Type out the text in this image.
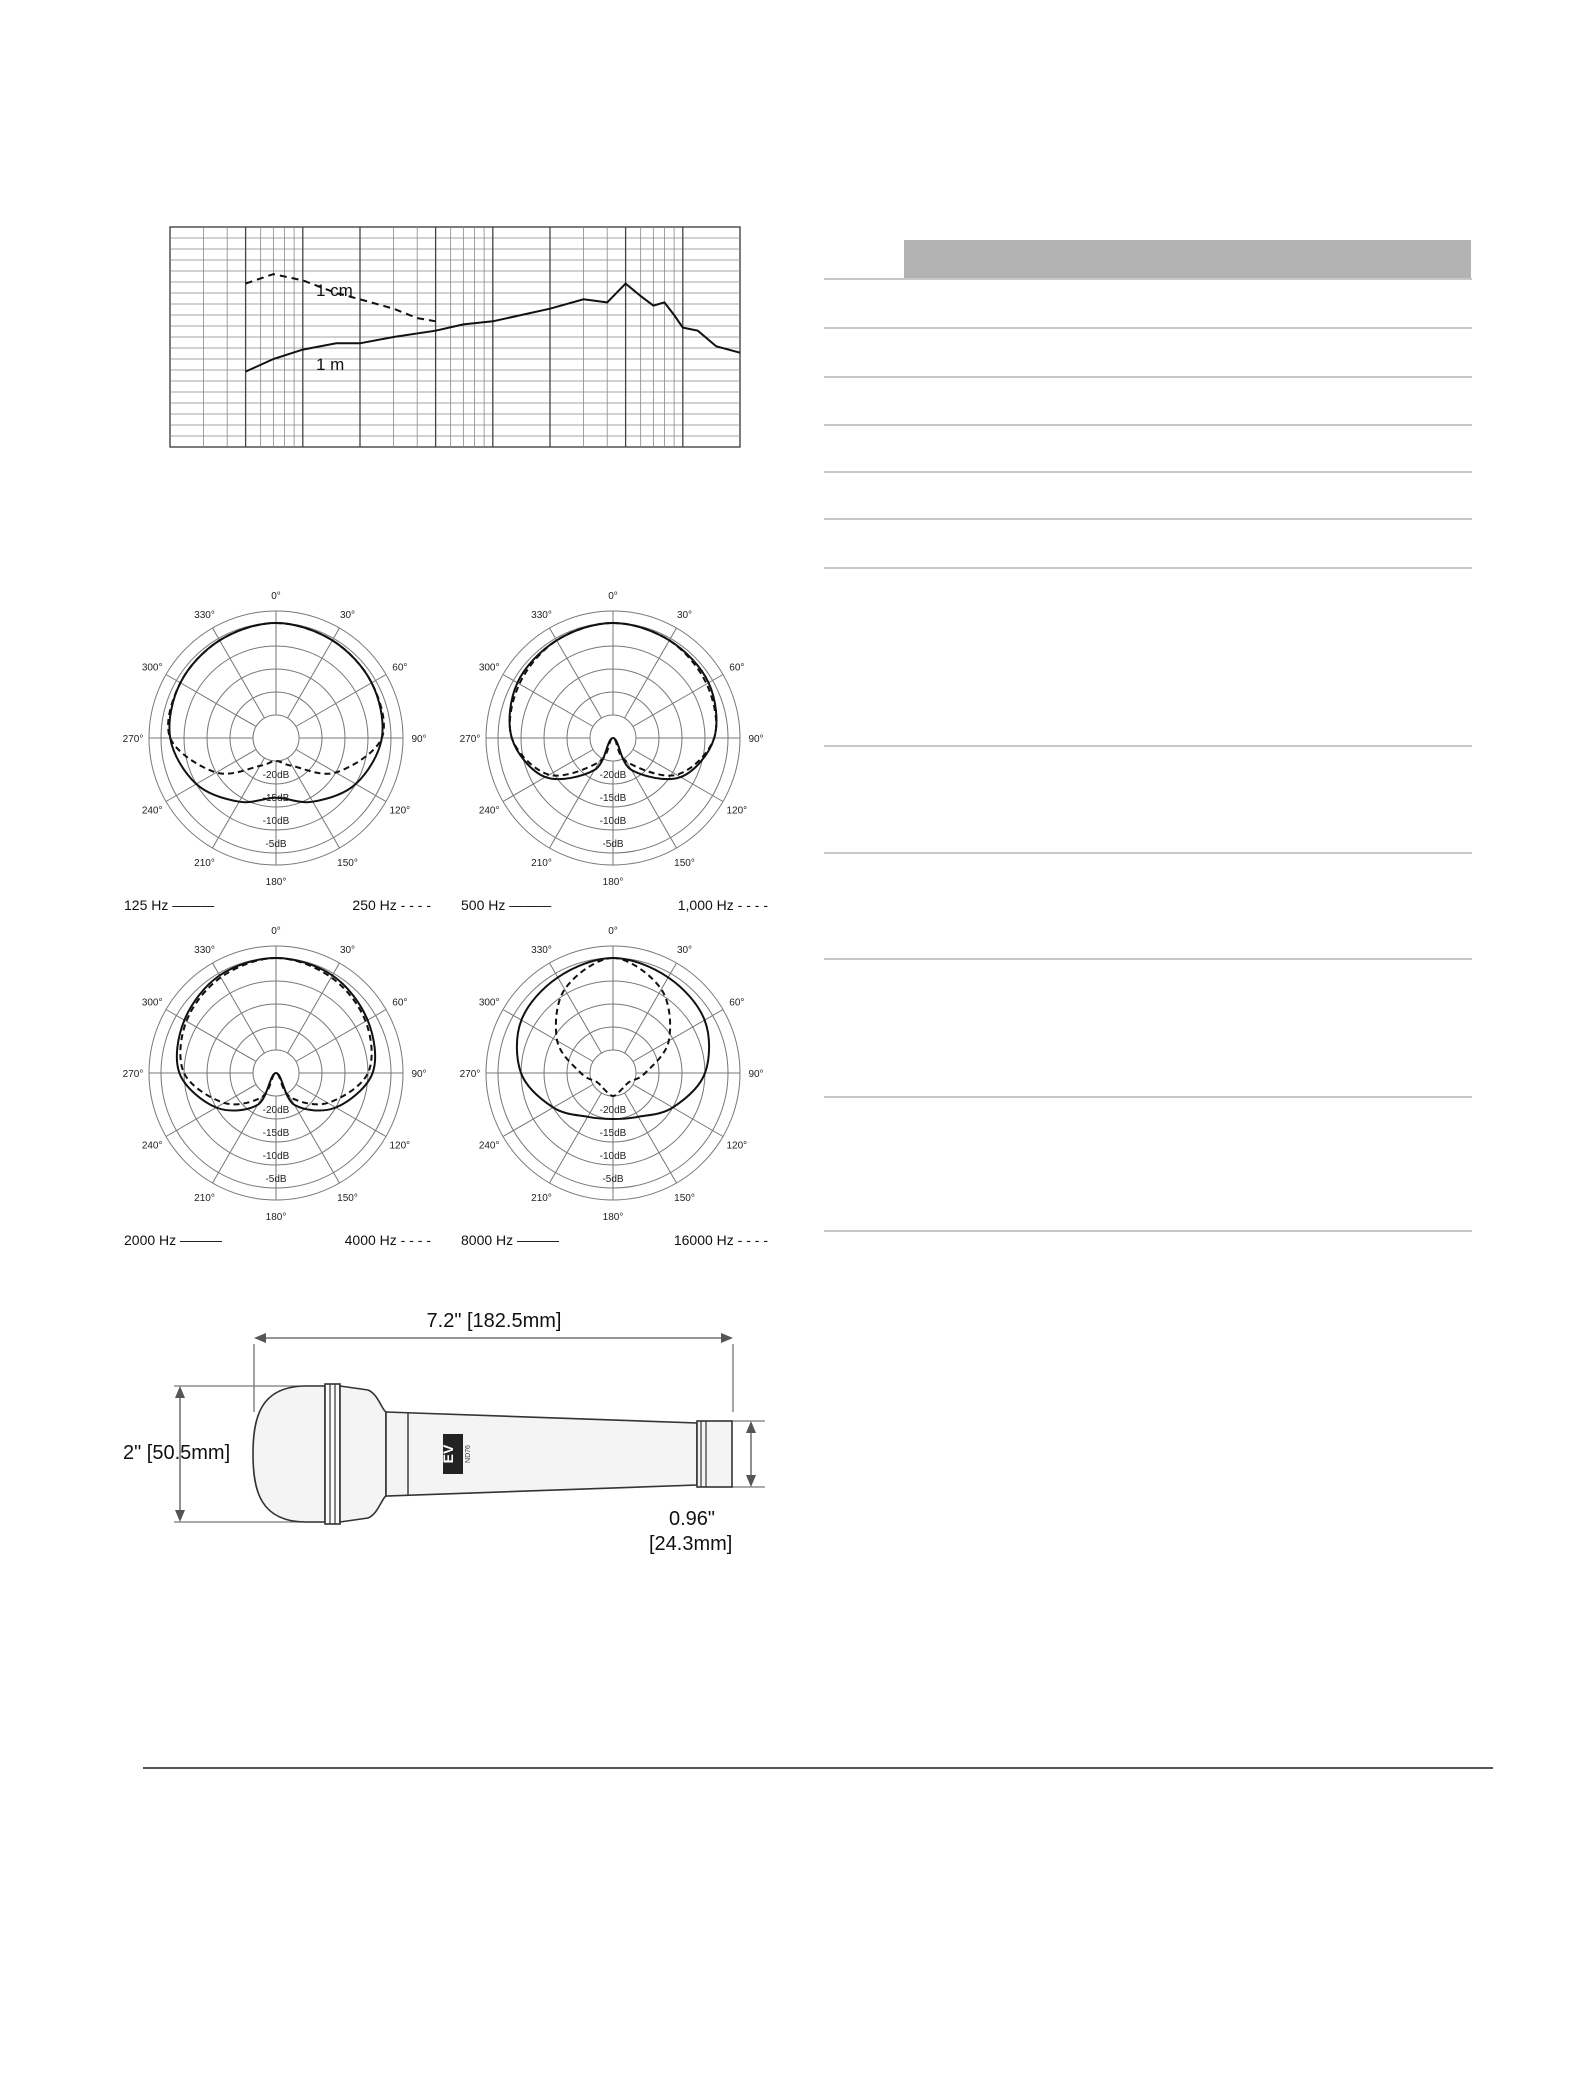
1 cm
1 m
0°
30°
60°
90°
120°
150°
180°
210°
240°
270°
300°
330°
-20dB
-15dB
-10dB
-5dB
125 Hz ———	250 Hz - - - -
0°
30°
60°
90°
120°
150°
180°
210°
240°
270°
300°
330°
-20dB
-15dB
-10dB
-5dB
500 Hz ———	1,000 Hz - - - -
0°
30°
60°
90°
120°
150°
180°
210°
240°
270°
300°
330°
-20dB
-15dB
-10dB
-5dB
2000 Hz ———	4000 Hz - - - -
0°
30°
60°
90°
120°
150°
180°
210°
240°
270°
300°
330°
-20dB
-15dB
-10dB
-5dB
8000 Hz ———	16000 Hz - - - -
7.2" [182.5mm]
2" [50.5mm]
0.96"
[24.3mm]
EV ND76
